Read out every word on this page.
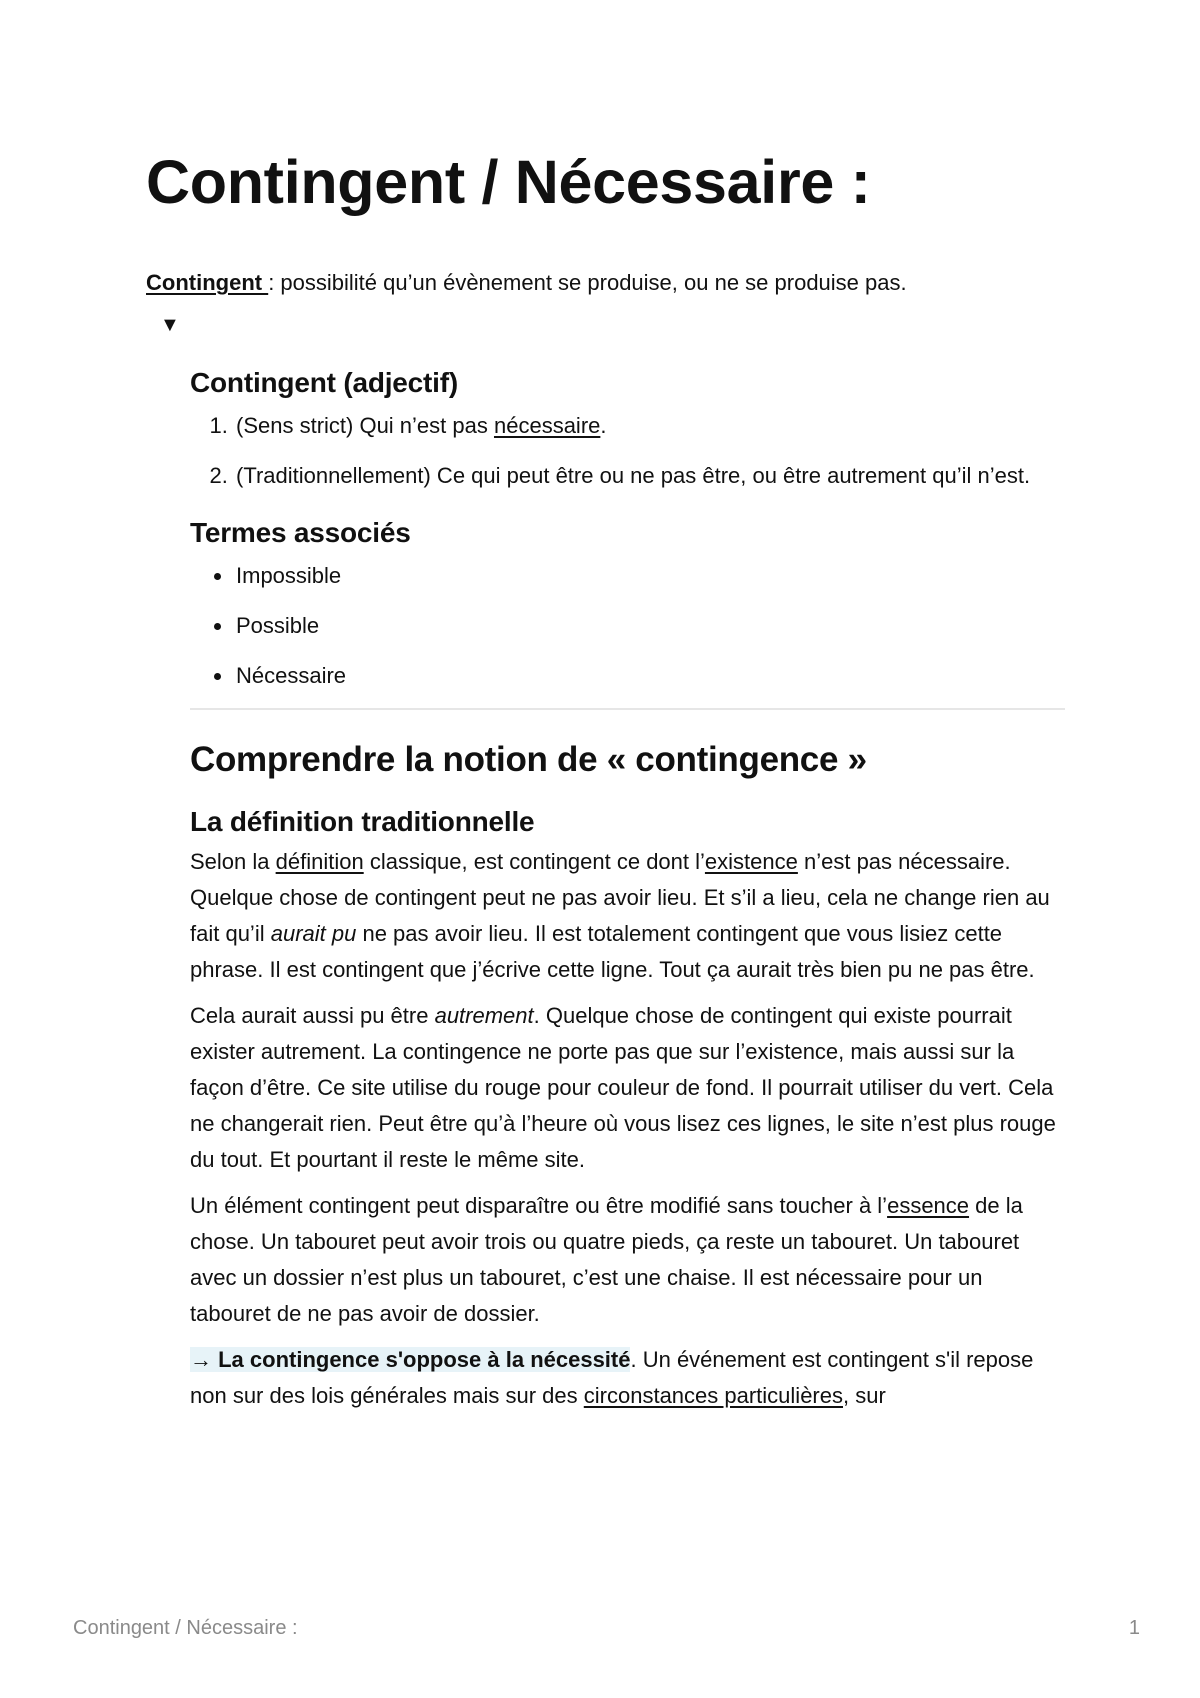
Contingent / Nécessaire :

Contingent : possibilité qu’un évènement se produise, ou ne se produise pas.

▼
Contingent (adjectif)
1. (Sens strict) Qui n’est pas nécessaire.
2. (Traditionnellement) Ce qui peut être ou ne pas être, ou être autrement qu’il n’est.
Termes associés
• Impossible
• Possible
• Nécessaire
Comprendre la notion de « contingence »
La définition traditionnelle

Selon la définition classique, est contingent ce dont l’existence n’est pas nécessaire. Quelque chose de contingent peut ne pas avoir lieu. Et s’il a lieu, cela ne change rien au fait qu’il aurait pu ne pas avoir lieu. Il est totalement contingent que vous lisiez cette phrase. Il est contingent que j’écrive cette ligne. Tout ça aurait très bien pu ne pas être.

Cela aurait aussi pu être autrement. Quelque chose de contingent qui existe pourrait exister autrement. La contingence ne porte pas que sur l’existence, mais aussi sur la façon d’être. Ce site utilise du rouge pour couleur de fond. Il pourrait utiliser du vert. Cela ne changerait rien. Peut être qu’à l’heure où vous lisez ces lignes, le site n’est plus rouge du tout. Et pourtant il reste le même site.

Un élément contingent peut disparaître ou être modifié sans toucher à l’essence de la chose. Un tabouret peut avoir trois ou quatre pieds, ça reste un tabouret. Un tabouret avec un dossier n’est plus un tabouret, c’est une chaise. Il est nécessaire pour un tabouret de ne pas avoir de dossier.

→ La contingence s'oppose à la nécessité. Un événement est contingent s'il repose non sur des lois générales mais sur des circonstances particulières, sur

Contingent / Nécessaire :	1
